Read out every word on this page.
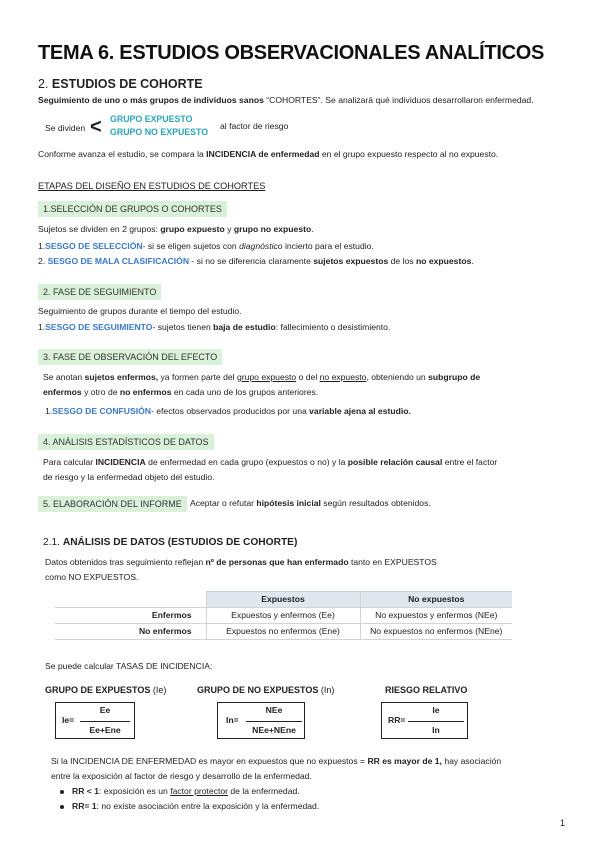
TEMA 6. ESTUDIOS OBSERVACIONALES ANALÍTICOS
2. ESTUDIOS DE COHORTE
Seguimiento de uno o más grupos de individuos sanos “COHORTES”. Se analizará qué individuos desarrollaron enfermedad.
Se dividen < GRUPO EXPUESTO
GRUPO NO EXPUESTO
al factor de riesgo
Conforme avanza el estudio, se compara la INCIDENCIA de enfermedad en el grupo expuesto respecto al no expuesto.
ETAPAS DEL DISEÑO EN ESTUDIOS DE COHORTES
1.SELECCIÓN DE GRUPOS O COHORTES
Sujetos se dividen en 2 grupos: grupo expuesto y grupo no expuesto.
1.SESGO DE SELECCIÓN- si se eligen sujetos con diagnóstico incierto para el estudio.
2. SESGO DE MALA CLASIFICACIÓN - si no se diferencia claramente sujetos expuestos de los no expuestos.
2. FASE DE SEGUIMIENTO
Seguimiento de grupos durante el tiempo del estudio.
1.SESGO DE SEGUIMIENTO- sujetos tienen baja de estudio: fallecimiento o desistimiento.
3. FASE DE OBSERVACIÓN DEL EFECTO
Se anotan sujetos enfermos, ya formen parte del grupo expuesto o del no expuesto, obteniendo un subgrupo de
enfermos y otro de no enfermos en cada uno de los grupos anteriores.
1.SESGO DE CONFUSIÓN- efectos observados producidos por una variable ajena al estudio.
4. ANÁLISIS ESTADÍSTICOS DE DATOS
Para calcular INCIDENCIA de enfermedad en cada grupo (expuestos o no) y la posible relación causal entre el factor
de riesgo y la enfermedad objeto del estudio.
5. ELABORACIÓN DEL INFORME Aceptar o refutar hipótesis inicial según resultados obtenidos.
2.1. ANÁLISIS DE DATOS (ESTUDIOS DE COHORTE)
Datos obtenidos tras seguimiento reflejan nº de personas que han enfermado tanto en EXPUESTOS
como NO EXPUESTOS.
	Expuestos	No expuestos
Enfermos	Expuestos y enfermos (Ee)	No expuestos y enfermos (NEe)
No enfermos	Expuestos no enfermos (Ene)	No expuestos no enfermos (NEne)
Se puede calcular TASAS DE INCIDENCIA:
GRUPO DE EXPUESTOS (Ie)	GRUPO DE NO EXPUESTOS (In)	RIESGO RELATIVO
Ie=
Ee
Ee+Ene
In=
NEe
NEe+NEne
RR=
Ie
In
Si la INCIDENCIA DE ENFERMEDAD es mayor en expuestos que no expuestos = RR es mayor de 1, hay asociación
entre la exposición al factor de riesgo y desarrollo de la enfermedad.
RR < 1: exposición es un factor protector de la enfermedad.
RR= 1: no existe asociación entre la exposición y la enfermedad.
1
